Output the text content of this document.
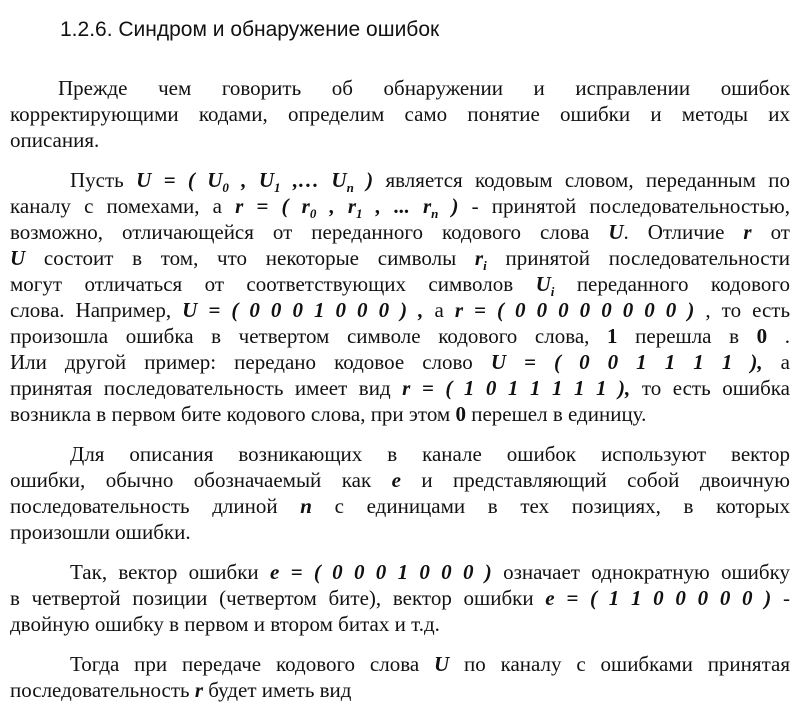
1.2.6. Синдром и обнаружение ошибок
Прежде чем говорить об обнаружении и исправлении ошибок
корректирующими кодами, определим само понятие ошибки и методы их
описания.
Пусть U = ( $U_0$ , $U_1$ ,… $U_n$ ) является кодовым словом, переданным по
каналу с помехами, а r = ( $r_0$ , $r_1$ , ... $r_n$ ) - принятой последовательностью,
возможно, отличающейся от переданного кодового слова U. Отличие r от
U состоит в том, что некоторые символы $r_i$ принятой последовательности
могут отличаться от соответствующих символов $U_i$ переданного кодового
слова. Например, U = ( 0 0 0 1 0 0 0 ) , а r = ( 0 0 0 0 0 0 0 0 ) , то есть
произошла ошибка в четвертом символе кодового слова, 1 перешла в 0 .
Или другой пример: передано кодовое слово U = ( 0 0 1 1 1 1 ), а
принятая последовательность имеет вид r = ( 1 0 1 1 1 1 1 ), то есть ошибка
возникла в первом бите кодового слова, при этом 0 перешел в единицу.
Для описания возникающих в канале ошибок используют вектор
ошибки, обычно обозначаемый как e и представляющий собой двоичную
последовательность длиной n с единицами в тех позициях, в которых
произошли ошибки.
Так, вектор ошибки e = ( 0 0 0 1 0 0 0 ) означает однократную ошибку
в четвертой позиции (четвертом бите), вектор ошибки e = ( 1 1 0 0 0 0 0 ) -
двойную ошибку в первом и втором битах и т.д.
Тогда при передаче кодового слова U по каналу с ошибками принятая
последовательность r будет иметь вид
